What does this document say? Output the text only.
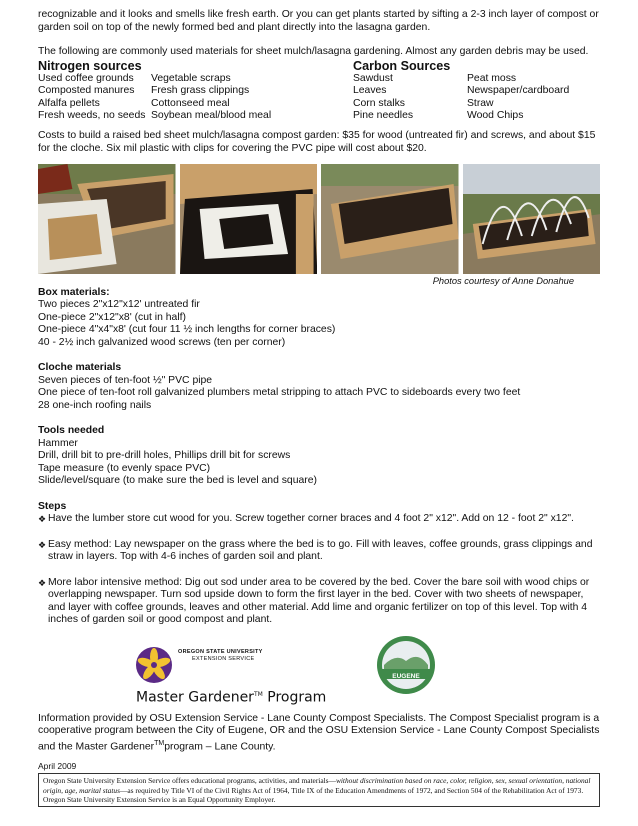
recognizable and it looks and smells like fresh earth. Or you can get plants started by sifting a 2-3 inch layer of compost or garden soil on top of the newly formed bed and plant directly into the lasagna garden.

The following are commonly used materials for sheet mulch/lasagna gardening. Almost any garden debris may be used.

Nitrogen sources
Used coffee grounds
Composted manures
Alfalfa pellets
Fresh weeds, no seeds

Vegetable scraps
Fresh grass clippings
Cottonseed meal
Soybean meal/blood meal
Carbon Sources
Sawdust
Leaves
Corn stalks
Pine needles

Peat moss
Newspaper/cardboard
Straw
Wood Chips

Costs to build a raised bed sheet mulch/lasagna compost garden: $35 for wood (untreated fir) and screws, and about $15 for the cloche. Six mil plastic with clips for covering the PVC pipe will cost about $20.

Photos courtesy of Anne Donahue

Box materials:

Two pieces 2"x12"x12' untreated fir

One-piece 2"x12"x8' (cut in half)

One-piece 4"x4"x8' (cut four 11 ½ inch lengths for corner braces)

40 - 2½ inch galvanized wood screws (ten per corner)

Cloche materials

Seven pieces of ten-foot ½" PVC pipe

One piece of ten-foot roll galvanized plumbers metal stripping to attach PVC to sideboards every two feet

28 one-inch roofing nails

Tools needed

Hammer

Drill, drill bit to pre-drill holes, Phillips drill bit for screws

Tape measure (to evenly space PVC)

Slide/level/square (to make sure the bed is level and square)

Steps

❖ Have the lumber store cut wood for you. Screw together corner braces and 4 foot 2" x12". Add on 12 - foot 2" x12".
❖ Easy method: Lay newspaper on the grass where the bed is to go. Fill with leaves, coffee grounds, grass clippings and straw in layers. Top with 4-6 inches of garden soil and plant.
❖ More labor intensive method: Dig out sod under area to be covered by the bed. Cover the bare soil with wood chips or overlapping newspaper. Turn sod upside down to form the first layer in the bed. Cover with two sheets of newspaper, and layer with coffee grounds, leaves and other material. Add lime and organic fertilizer on top of this level. Top with 4 inches of garden soil or good compost and plant.
OREGON STATE UNIVERSITY
EXTENSION SERVICE
Master Gardener™ Program
EUGENE

Information provided by OSU Extension Service - Lane County Compost Specialists. The Compost Specialist program is a cooperative program between the City of Eugene, OR and the OSU Extension Service - Lane County Compost Specialists and the Master Gardener™program – Lane County.

April 2009

Oregon State University Extension Service offers educational programs, activities, and materials—without discrimination based on race, color, religion, sex, sexual orientation, national origin, age, marital status—as required by Title VI of the Civil Rights Act of 1964, Title IX of the Education Amendments of 1972, and Section 504 of the Rehabilitation Act of 1973. Oregon State University Extension Service is an Equal Opportunity Employer.
